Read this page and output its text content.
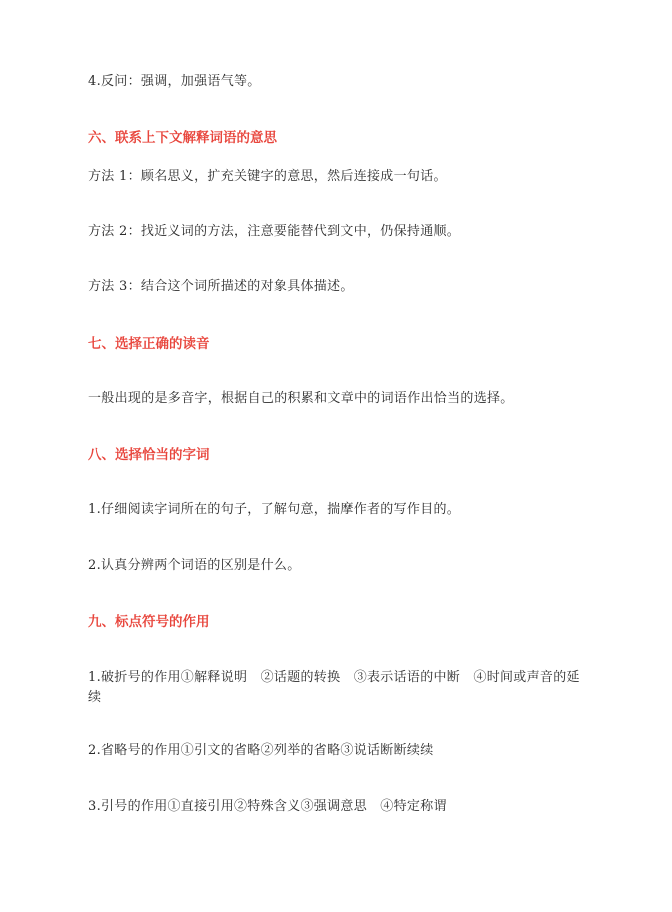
4.反问：强调，加强语气等。
六、联系上下文解释词语的意思
方法 1：顾名思义，扩充关键字的意思，然后连接成一句话。
方法 2：找近义词的方法，注意要能替代到文中，仍保持通顺。
方法 3：结合这个词所描述的对象具体描述。
七、选择正确的读音
一般出现的是多音字，根据自己的积累和文章中的词语作出恰当的选择。
八、选择恰当的字词
1.仔细阅读字词所在的句子，了解句意，揣摩作者的写作目的。
2.认真分辨两个词语的区别是什么。
九、标点符号的作用
1.破折号的作用①解释说明　②话题的转换　③表示话语的中断　④时间或声音的延续
2.省略号的作用①引文的省略②列举的省略③说话断断续续
3.引号的作用①直接引用②特殊含义③强调意思　④特定称谓
